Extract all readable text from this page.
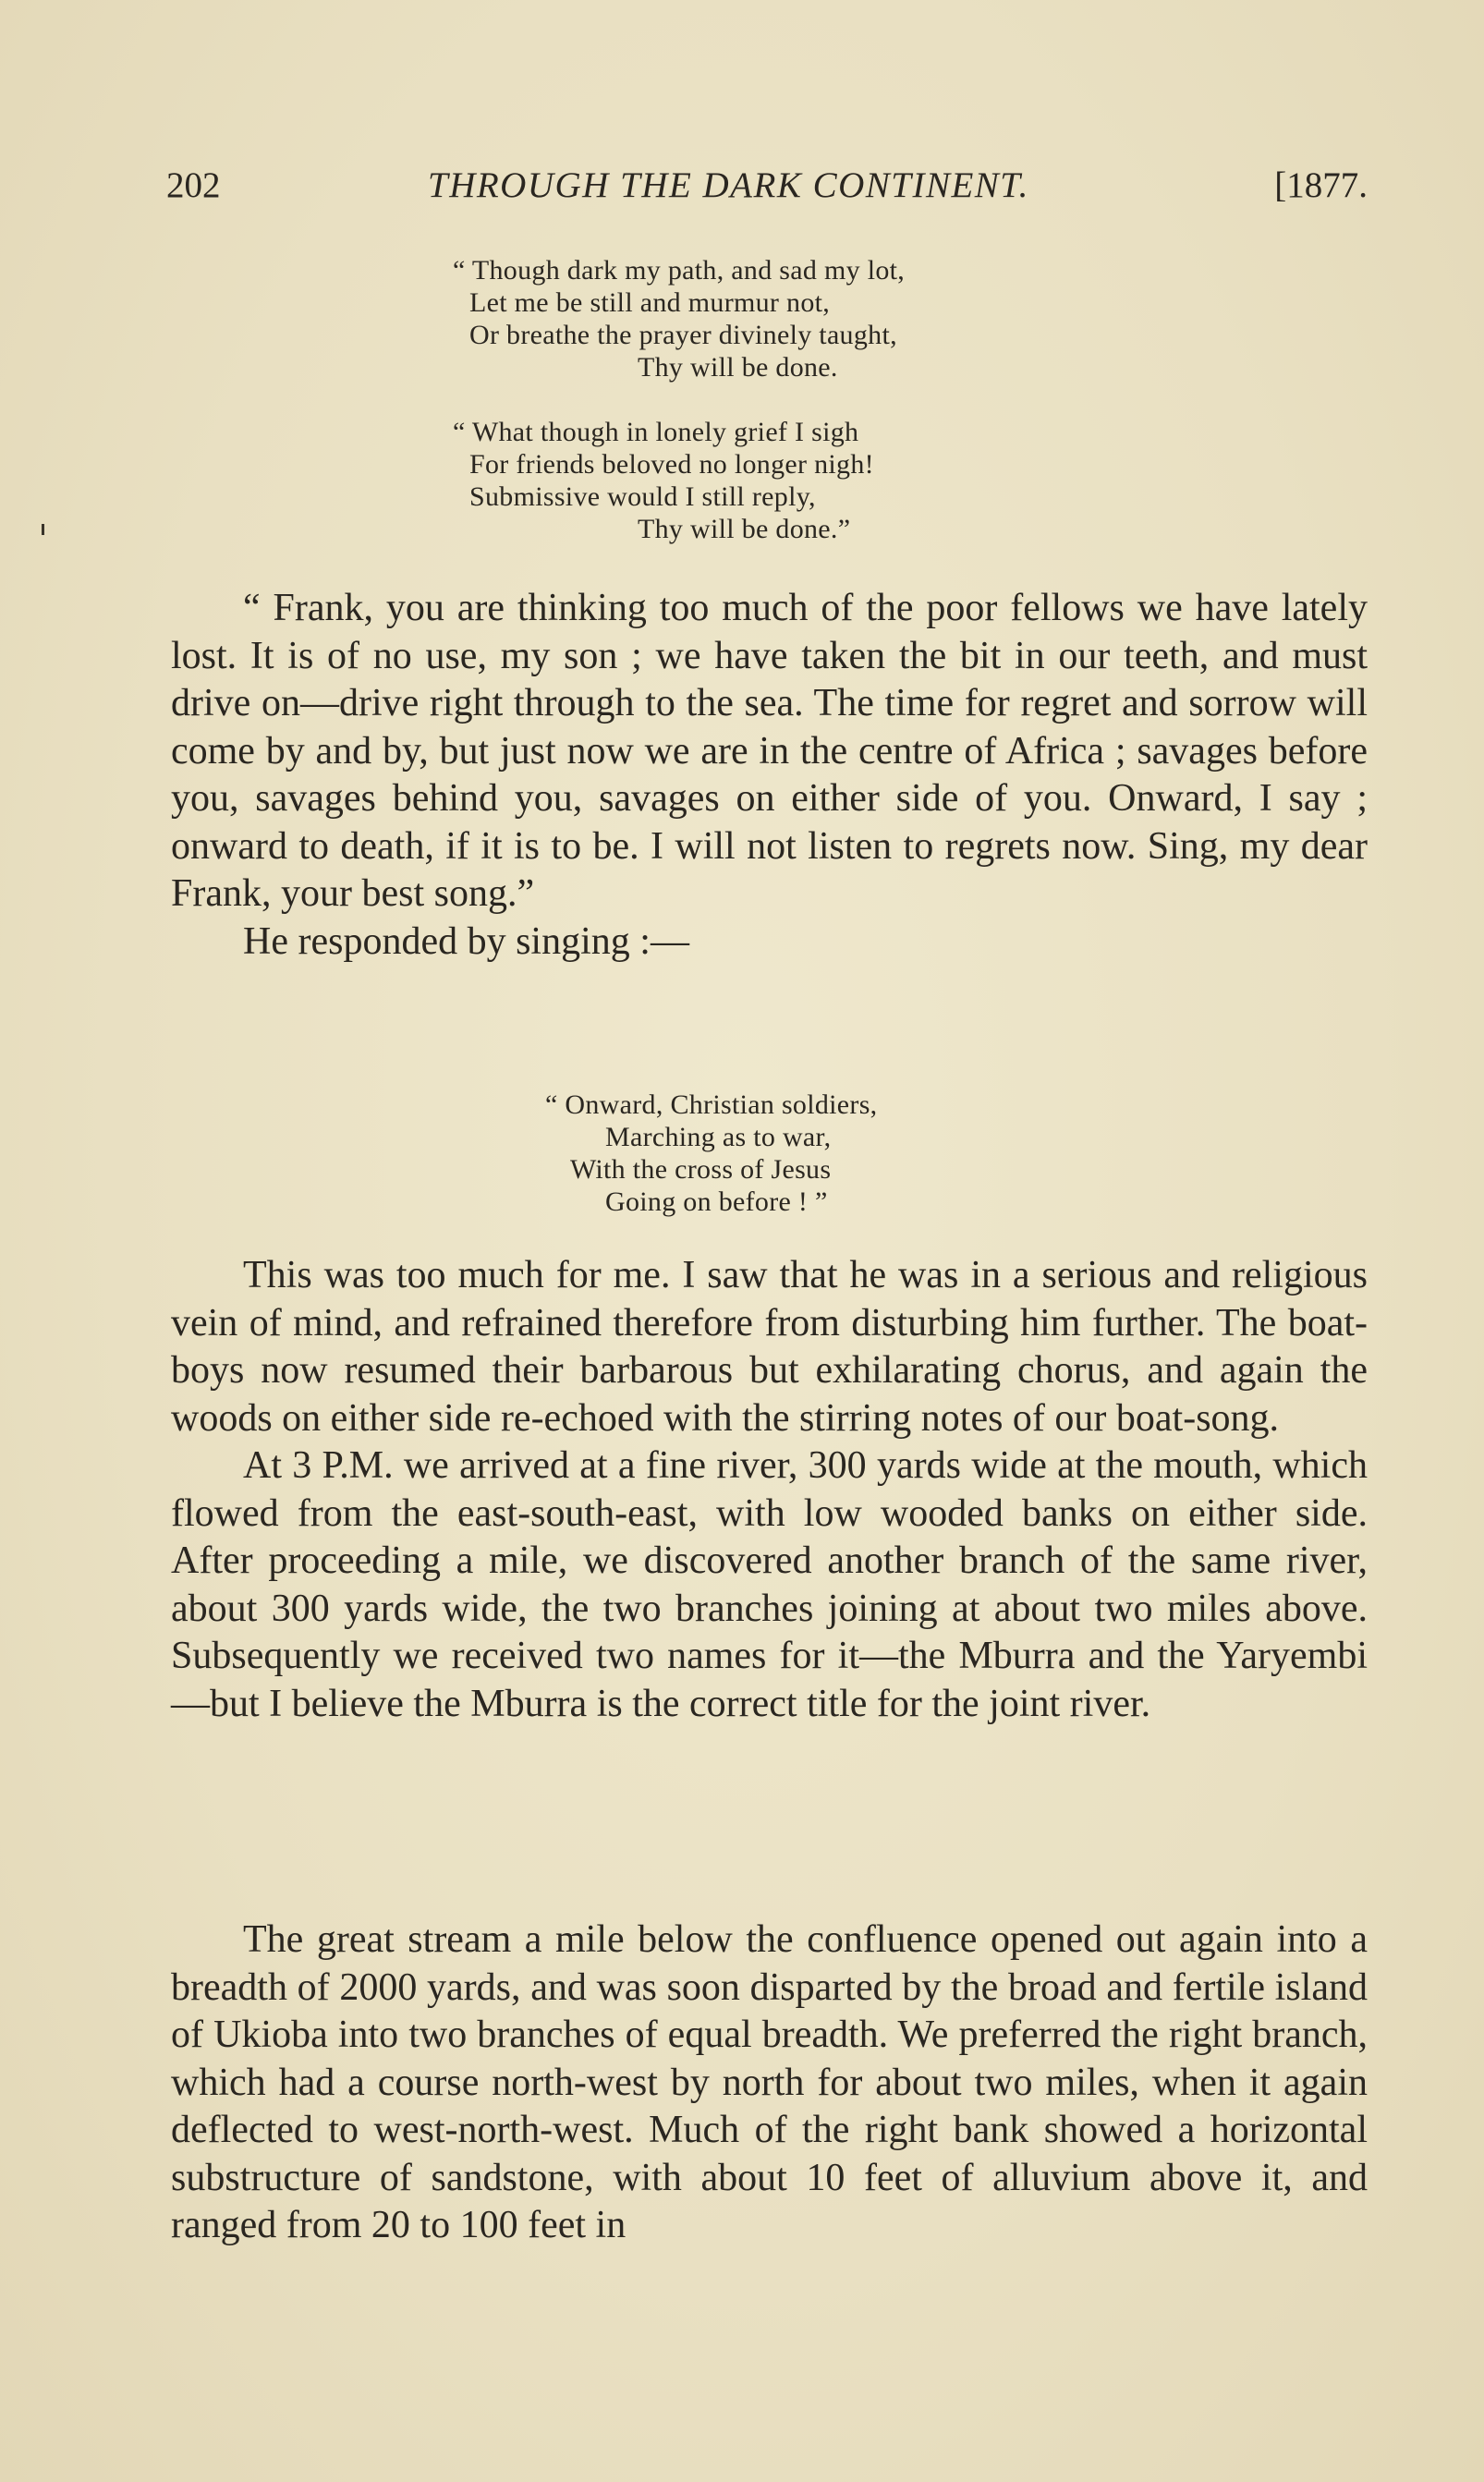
202	THROUGH THE DARK CONTINENT.	[1877.
“ Though dark my path, and sad my lot,
Let me be still and murmur not,
Or breathe the prayer divinely taught,
Thy will be done.
“ What though in lonely grief I sigh
For friends beloved no longer nigh!
Submissive would I still reply,
Thy will be done.”

“ Frank, you are thinking too much of the poor fellows we have lately lost. It is of no use, my son ; we have taken the bit in our teeth, and must drive on—drive right through to the sea. The time for regret and sorrow will come by and by, but just now we are in the centre of Africa ; savages before you, savages behind you, savages on either side of you. Onward, I say ; onward to death, if it is to be. I will not listen to regrets now. Sing, my dear Frank, your best song.”

He responded by singing :—

“ Onward, Christian soldiers,
Marching as to war,
With the cross of Jesus
Going on before ! ”

This was too much for me. I saw that he was in a serious and religious vein of mind, and refrained therefore from disturbing him further. The boat-boys now resumed their barbarous but exhilarating chorus, and again the woods on either side re-echoed with the stirring notes of our boat-song.

At 3 P.M. we arrived at a fine river, 300 yards wide at the mouth, which flowed from the east-south-east, with low wooded banks on either side. After proceeding a mile, we discovered another branch of the same river, about 300 yards wide, the two branches joining at about two miles above. Subsequently we received two names for it—the Mburra and the Yaryembi—but I believe the Mburra is the correct title for the joint river.

The great stream a mile below the confluence opened out again into a breadth of 2000 yards, and was soon disparted by the broad and fertile island of Ukioba into two branches of equal breadth. We preferred the right branch, which had a course north-west by north for about two miles, when it again deflected to west-north-west. Much of the right bank showed a horizontal substructure of sandstone, with about 10 feet of alluvium above it, and ranged from 20 to 100 feet in
